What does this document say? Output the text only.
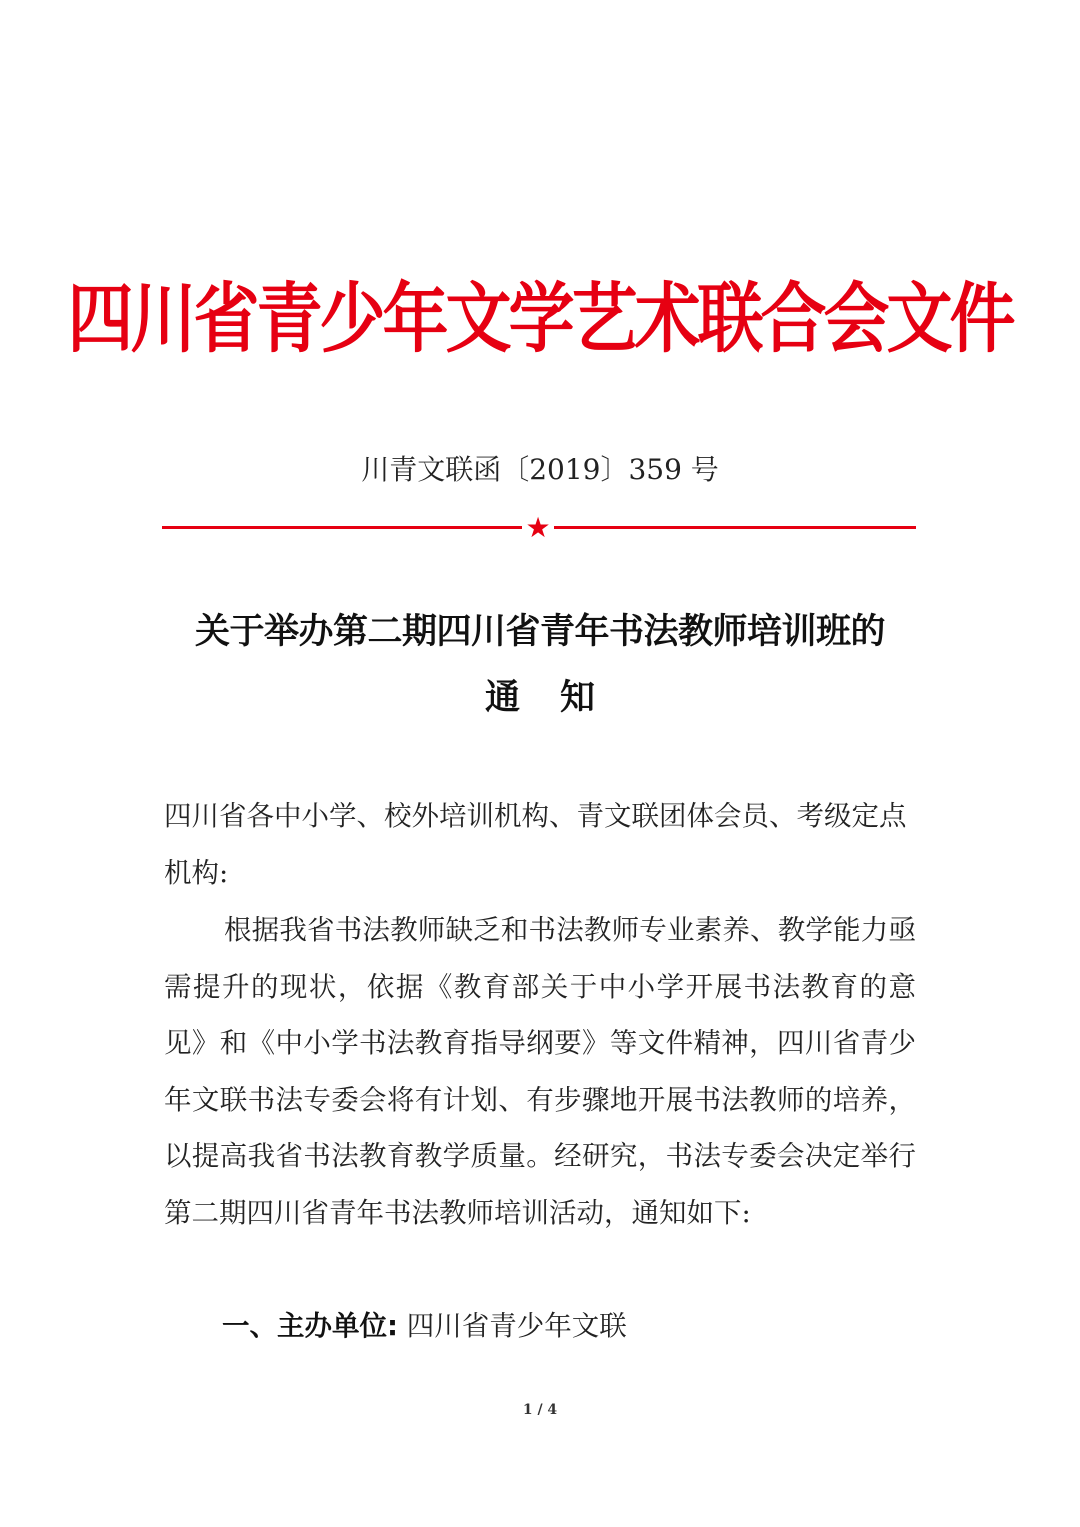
四川省青少年文学艺术联合会文件
川青文联函〔2019〕359 号
★
关于举办第二期四川省青年书法教师培训班的
通知
四川省各中小学、校外培训机构、青文联团体会员、考级定点机构:
根据我省书法教师缺乏和书法教师专业素养、教学能力亟需提升的现状，依据《教育部关于中小学开展书法教育的意见》和《中小学书法教育指导纲要》等文件精神，四川省青少年文联书法专委会将有计划、有步骤地开展书法教师的培养，以提高我省书法教育教学质量。经研究，书法专委会决定举行第二期四川省青年书法教师培训活动，通知如下:
一、主办单位: 四川省青少年文联
1 / 4
